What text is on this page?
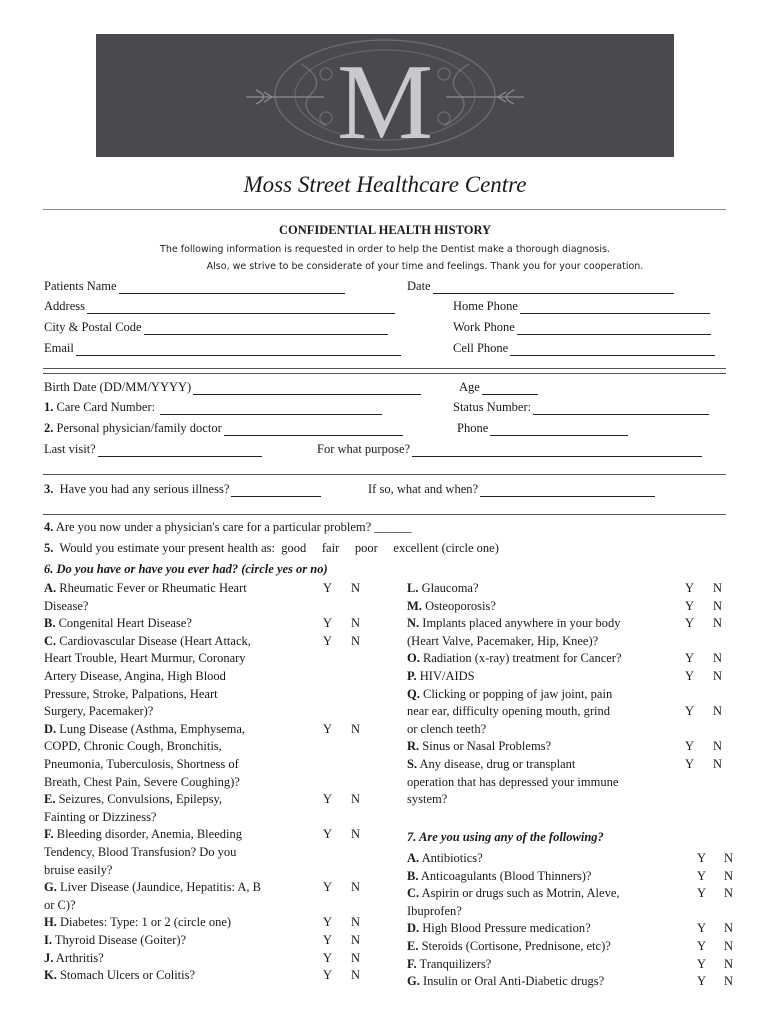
M
Moss Street Healthcare Centre
CONFIDENTIAL HEALTH HISTORY
The following information is requested in order to help the Dentist make a thorough diagnosis.
Also, we strive to be considerate of your time and feelings. Thank you for your cooperation.
Patients Name	Date
Address	Home Phone
City & Postal Code	Work Phone
Email	Cell Phone
Birth Date (DD/MM/YYYY)	Age
1.
Care Card Number:	Status Number:
2.
Personal physician/family doctor	Phone
Last visit?	For what purpose?
3.
Have you had any serious illness?	If so, what and when?
4. Are you now under a physician's care for a particular problem? ______
5. Would you estimate your present health as:  good     fair     poor     excellent (circle one)
6. Do you have or have you ever had? (circle yes or no)
A. Rheumatic Fever or Rheumatic Heart
Disease?
Y N
B. Congenital Heart Disease?	Y N
C. Cardiovascular Disease (Heart Attack,
Heart Trouble, Heart Murmur, Coronary
Artery Disease, Angina, High Blood
Pressure, Stroke, Palpations, Heart
Surgery, Pacemaker)?
Y N
D. Lung Disease (Asthma, Emphysema,
COPD, Chronic Cough, Bronchitis,
Pneumonia, Tuberculosis, Shortness of
Breath, Chest Pain, Severe Coughing)?
Y N
E. Seizures, Convulsions, Epilepsy,
Fainting or Dizziness?
Y N
F. Bleeding disorder, Anemia, Bleeding
Tendency, Blood Transfusion? Do you
bruise easily?
Y N
G. Liver Disease (Jaundice, Hepatitis: A, B
or C)?
Y N
H. Diabetes: Type: 1 or 2 (circle one)	Y N
I. Thyroid Disease (Goiter)?	Y N
J. Arthritis?	Y N
K. Stomach Ulcers or Colitis?	Y N
L. Glaucoma?	Y N
M. Osteoporosis?	Y N
N. Implants placed anywhere in your body
(Heart Valve, Pacemaker, Hip, Knee)?
Y N
O. Radiation (x-ray) treatment for Cancer?	Y N
P. HIV/AIDS	Y N
Q. Clicking or popping of jaw joint, pain
near ear, difficulty opening mouth, grind
or clench teeth?
Y N
R. Sinus or Nasal Problems?	Y N
S. Any disease, drug or transplant
operation that has depressed your immune
system?
Y N
7. Are you using any of the following?
A. Antibiotics?	Y N
B. Anticoagulants (Blood Thinners)?	Y N
C. Aspirin or drugs such as Motrin, Aleve,
Ibuprofen?
Y N
D. High Blood Pressure medication?	Y N
E. Steroids (Cortisone, Prednisone, etc)?	Y N
F. Tranquilizers?	Y N
G. Insulin or Oral Anti-Diabetic drugs?	Y N
